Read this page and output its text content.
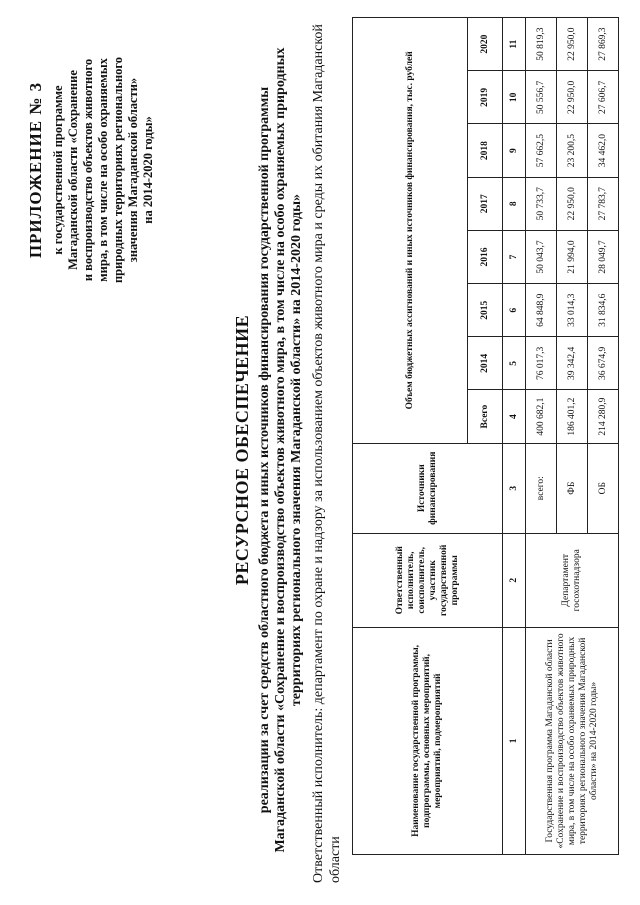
ПРИЛОЖЕНИЕ № 3 к государственной программе Магаданской области «Сохранение и воспроизводство объектов животного мира, в том числе на особо охраняемых природных территориях регионального значения Магаданской области» на 2014-2020 годы»
РЕСУРСНОЕ ОБЕСПЕЧЕНИЕ реализации за счет средств областного бюджета и иных источников финансирования государственной программы Магаданской области «Сохранение и воспроизводство объектов животного мира, в том числе на особо охраняемых природных территориях регионального значения Магаданской области» на 2014-2020 годы» Ответственный исполнитель: департамент по охране и надзору за использованием объектов животного мира и среды их обитания Магаданской области
Наименование государственной программы, подпрограммы, основных мероприятий, мероприятий, подмероприятий	Ответственный исполнитель, соисполнитель, участник государственной программы	Источники финансирования	Объем бюджетных ассигнований и иных источников финансирования, тыс. рублей							
			Всего	2014	2015	2016	2017	2018	2019	2020
1	2	3	4	5	6	7	8	9	10	11
Государственная программа Магаданской области «Сохранение и воспроизводство объектов животного мира, в том числе на особо охраняемых природных территориях регионального значения Магаданской области» на 2014-2020 годы»	Департамент госохотнадзора	всего:	400 682,1	76 017,3	64 848,9	50 043,7	50 733,7	57 662,5	50 556,7	50 819,3
		ФБ	186 401,2	39 342,4	33 014,3	21 994,0	22 950,0	23 200,5	22 950,0	22 950,0
		ОБ	214 280,9	36 674,9	31 834,6	28 049,7	27 783,7	34 462,0	27 606,7	27 869,3
